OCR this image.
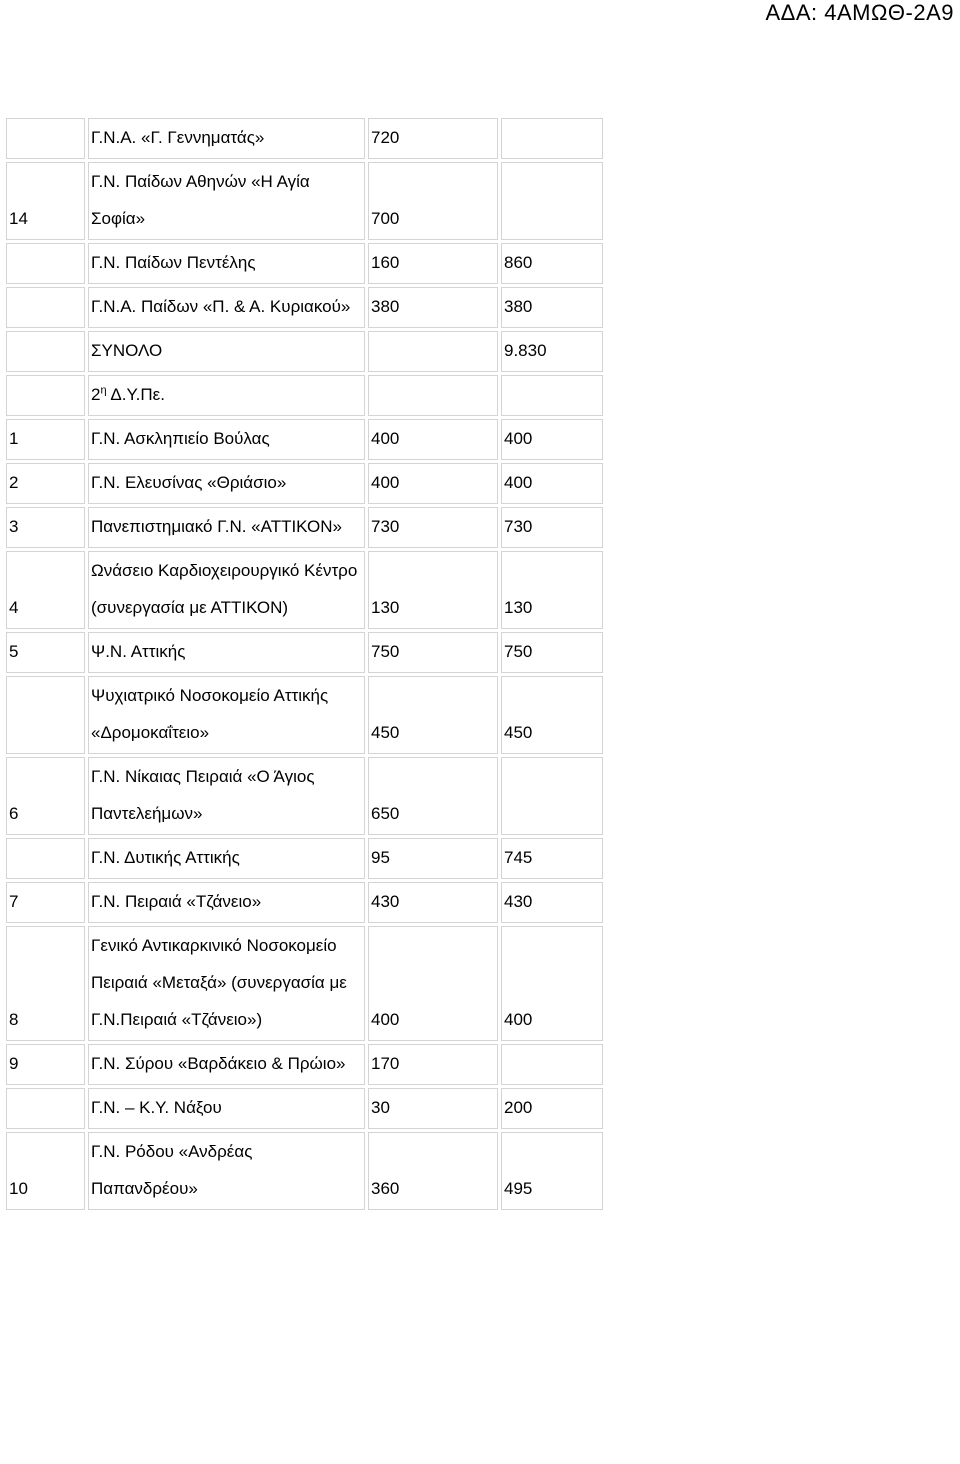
ΑΔΑ: 4ΑΜΩΘ-2Α9
	Γ.Ν.Α. «Γ. Γεννηματάς»	720	
14	Γ.Ν. Παίδων Αθηνών «Η Αγία
Σοφία»	700	
	Γ.Ν. Παίδων Πεντέλης	160	860
	Γ.Ν.Α. Παίδων «Π. & Α. Κυριακού»	380	380
	ΣΥΝΟΛΟ		9.830
	$2^\eta$ Δ.Υ.Πε.		
1	Γ.Ν. Ασκληπιείο Βούλας	400	400
2	Γ.Ν. Ελευσίνας «Θριάσιο»	400	400
3	Πανεπιστημιακό Γ.Ν. «ΑΤΤΙΚΟΝ»	730	730
4	Ωνάσειο Καρδιοχειρουργικό Κέντρο
(συνεργασία με ΑΤΤΙΚΟΝ)	130	130
5	Ψ.Ν. Αττικής	750	750
	Ψυχιατρικό Νοσοκομείο Αττικής
«Δρομοκαΐτειο»	450	450
6	Γ.Ν. Νίκαιας Πειραιά «Ο Άγιος
Παντελεήμων»	650	
	Γ.Ν. Δυτικής Αττικής	95	745
7	Γ.Ν. Πειραιά «Τζάνειο»	430	430
8	Γενικό Αντικαρκινικό Νοσοκομείο
Πειραιά «Μεταξά» (συνεργασία με
Γ.Ν.Πειραιά «Τζάνειο»)	400	400
9	Γ.Ν. Σύρου «Βαρδάκειο & Πρώιο»	170	
	Γ.Ν. – Κ.Υ. Νάξου	30	200
10	Γ.Ν. Ρόδου «Ανδρέας
Παπανδρέου»	360	495
